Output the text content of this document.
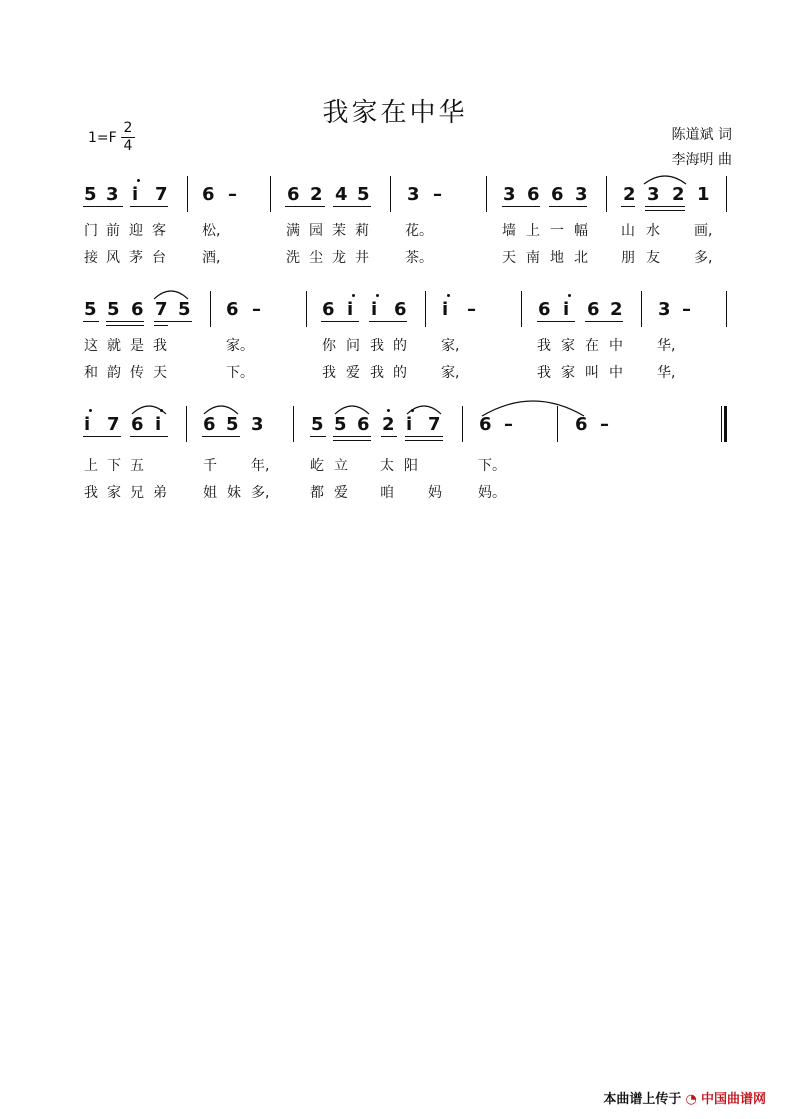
我家在中华
1=F
2
4
陈道斌 词
李海明 曲
5 3 i 7 6 –	6 2 4 5 3 –	3 6 6 3 2 3 2 1
门 前 迎 客	松,	满 园 茉 莉	花。	墙 上 一 幅 山 水 画,
接 风 茅 台	酒,	洗 尘 龙 井	茶。	天 南 地 北 朋 友 多,
5 5 6 7 5 6 –	6 i i 6 i –	6 i 6 2 3 –
这 就 是 我	家。	你 问 我 的 家,	我 家 在 中 华,
和 韵 传 天	下。	我 爱 我 的 家,	我 家 叫 中 华,
i 7 6 i 6 5 3	5 5 6 2 i 7 6 –	6 –
上 下 五	千 年,	屹 立 太 阳	下。
我 家 兄 弟	姐 妹 多,	都 爱 咱 妈	妈。
本曲谱上传于 ◔ 中国曲谱网
